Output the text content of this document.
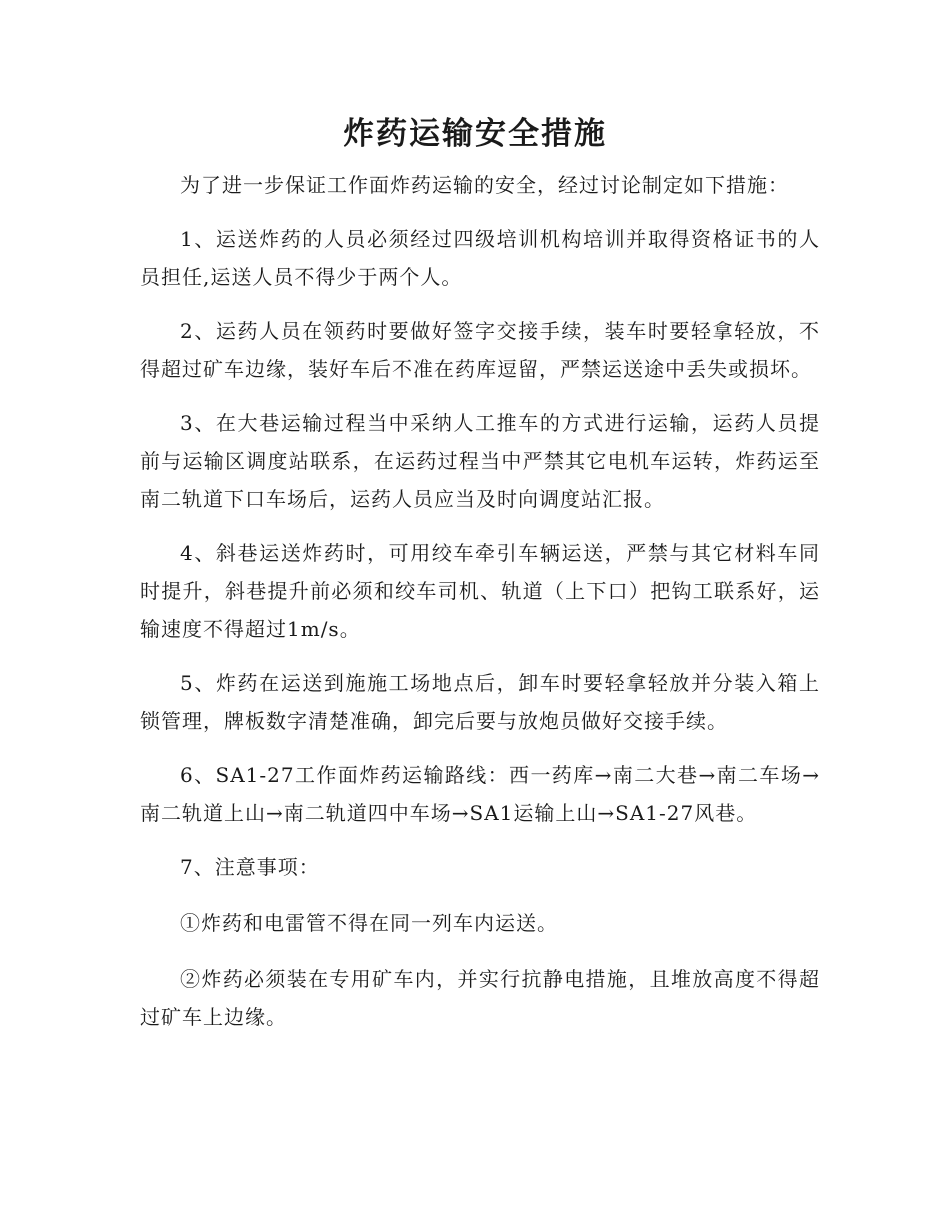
炸药运输安全措施

为了进一步保证工作面炸药运输的安全，经过讨论制定如下措施：

1、运送炸药的人员必须经过四级培训机构培训并取得资格证书的人员担任,运送人员不得少于两个人。

2、运药人员在领药时要做好签字交接手续，装车时要轻拿轻放，不得超过矿车边缘，装好车后不准在药库逗留，严禁运送途中丢失或损坏。

3、在大巷运输过程当中采纳人工推车的方式进行运输，运药人员提前与运输区调度站联系，在运药过程当中严禁其它电机车运转，炸药运至南二轨道下口车场后，运药人员应当及时向调度站汇报。

4、斜巷运送炸药时，可用绞车牵引车辆运送，严禁与其它材料车同时提升，斜巷提升前必须和绞车司机、轨道（上下口）把钩工联系好，运输速度不得超过1m/s。

5、炸药在运送到施施工场地点后，卸车时要轻拿轻放并分装入箱上锁管理，牌板数字清楚准确，卸完后要与放炮员做好交接手续。

6、SA1-27工作面炸药运输路线：西一药库→南二大巷→南二车场→南二轨道上山→南二轨道四中车场→SA1运输上山→SA1-27风巷。

7、注意事项：

①炸药和电雷管不得在同一列车内运送。

②炸药必须装在专用矿车内，并实行抗静电措施，且堆放高度不得超过矿车上边缘。
